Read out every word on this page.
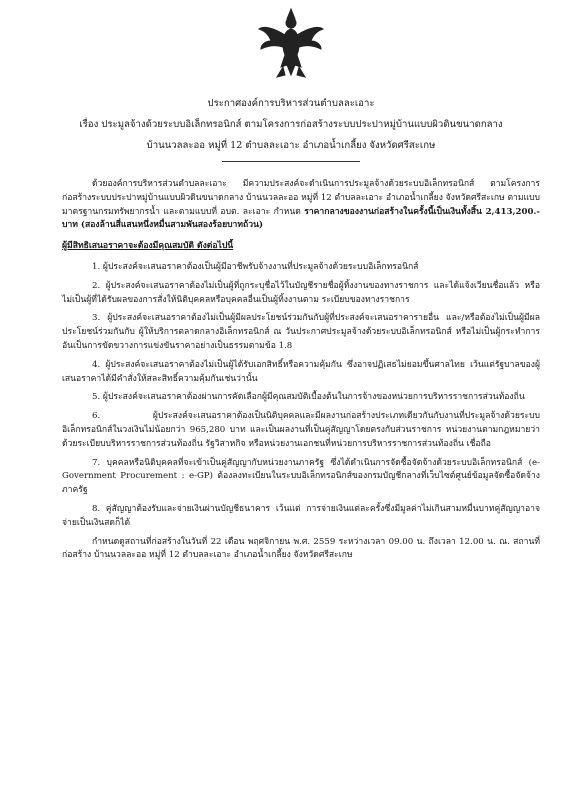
ประกาศองค์การบริหารส่วนตำบลละเอาะ
เรื่อง ประมูลจ้างด้วยระบบอิเล็กทรอนิกส์ ตามโครงการก่อสร้างระบบประปาหมู่บ้านแบบผิวดินขนาดกลาง
บ้านนวลละออ หมู่ที่ 12 ตำบลละเอาะ อำเภอน้ำเกลี้ยง จังหวัดศรีสะเกษ

ด้วยองค์การบริหารส่วนตำบลละเอาะ มีความประสงค์จะดำเนินการประมูลจ้างด้วยระบบอิเล็กทรอนิกส์ ตามโครงการก่อสร้างระบบประปาหมู่บ้านแบบผิวดินขนาดกลาง บ้านนวลละออ หมู่ที่ 12 ตำบลละเอาะ อำเภอน้ำเกลี้ยง จังหวัดศรีสะเกษ ตามแบบมาตรฐานกรมทรัพยากรน้ำ และตามแบบที่ อบต. ละเอาะ กำหนด ราคากลางของงานก่อสร้างในครั้งนี้เป็นเงินทั้งสิ้น 2,413,200.- บาท (สองล้านสี่แสนหนึ่งหมื่นสามพันสองร้อยบาทถ้วน)

ผู้มีสิทธิเสนอราคาจะต้องมีคุณสมบัติ ดังต่อไปนี้

1. ผู้ประสงค์จะเสนอราคาต้องเป็นผู้มีอาชีพรับจ้างงานที่ประมูลจ้างด้วยระบบอิเล็กทรอนิกส์
2. ผู้ประสงค์จะเสนอราคาต้องไม่เป็นผู้ที่ถูกระบุชื่อไว้ในบัญชีรายชื่อผู้ทิ้งงานของทางราชการ และได้แจ้งเวียนชื่อแล้ว หรือไม่เป็นผู้ที่ได้รับผลของการสั่งให้นิติบุคคลหรือบุคคลอื่นเป็นผู้ทิ้งงานตาม ระเบียบของทางราชการ
3. ผู้ประสงค์จะเสนอราคาต้องไม่เป็นผู้มีผลประโยชน์ร่วมกันกับผู้ที่ประสงค์จะเสนอราคารายอื่น และ/หรือต้องไม่เป็นผู้มีผลประโยชน์ร่วมกันกับ ผู้ให้บริการตลาดกลางอิเล็กทรอนิกส์ ณ วันประกาศประมูลจ้างด้วยระบบอิเล็กทรอนิกส์ หรือไม่เป็นผู้กระทำการอันเป็นการขัดขวางการแข่งขันราคาอย่างเป็นธรรมตามข้อ 1.8
4. ผู้ประสงค์จะเสนอราคาต้องไม่เป็นผู้ได้รับเอกสิทธิ์หรือความคุ้มกัน ซึ่งอาจปฏิเสธไม่ยอมขึ้นศาลไทย เว้นแต่รัฐบาลของผู้เสนอราคาได้มีคำสั่งให้สละสิทธิ์ความคุ้มกันเช่นว่านั้น
5. ผู้ประสงค์จะเสนอราคาต้องผ่านการคัดเลือกผู้มีคุณสมบัติเบื้องต้นในการจ้างของหน่วยการบริหารราชการส่วนท้องถิ่น
6. ผู้ประสงค์จะเสนอราคาต้องเป็นนิติบุคคลและมีผลงานก่อสร้างประเภทเดียวกันกับงานที่ประมูลจ้างด้วยระบบอิเล็กทรอนิกส์ในวงเงินไม่น้อยกว่า 965,280 บาท และเป็นผลงานที่เป็นคู่สัญญาโดยตรงกับส่วนราชการ หน่วยงานตามกฎหมายว่าด้วยระเบียบบริหารราชการส่วนท้องถิ่น รัฐวิสาหกิจ หรือหน่วยงานเอกชนที่หน่วยการบริหารราชการส่วนท้องถิ่น เชื่อถือ
7. บุคคลหรือนิติบุคคลที่จะเข้าเป็นคู่สัญญากับหน่วยงานภาครัฐ ซึ่งได้ดำเนินการจัดซื้อจัดจ้างด้วยระบบอิเล็กทรอนิกส์ (e-Government Procurement : e-GP) ต้องลงทะเบียนในระบบอิเล็กทรอนิกส์ของกรมบัญชีกลางที่เว็บไซต์ศูนย์ข้อมูลจัดซื้อจัดจ้างภาครัฐ
8. คู่สัญญาต้องรับและจ่ายเงินผ่านบัญชีธนาคาร เว้นแต่ การจ่ายเงินแต่ละครั้งซึ่งมีมูลค่าไม่เกินสามหมื่นบาทคู่สัญญาอาจจ่ายเป็นเงินสดก็ได้

กำหนดดูสถานที่ก่อสร้างในวันที่ 22 เดือน พฤศจิกายน พ.ศ. 2559 ระหว่างเวลา 09.00 น. ถึงเวลา 12.00 น. ณ. สถานที่ก่อสร้าง บ้านนวลละออ หมู่ที่ 12 ตำบลละเอาะ อำเภอน้ำเกลี้ยง จังหวัดศรีสะเกษ
